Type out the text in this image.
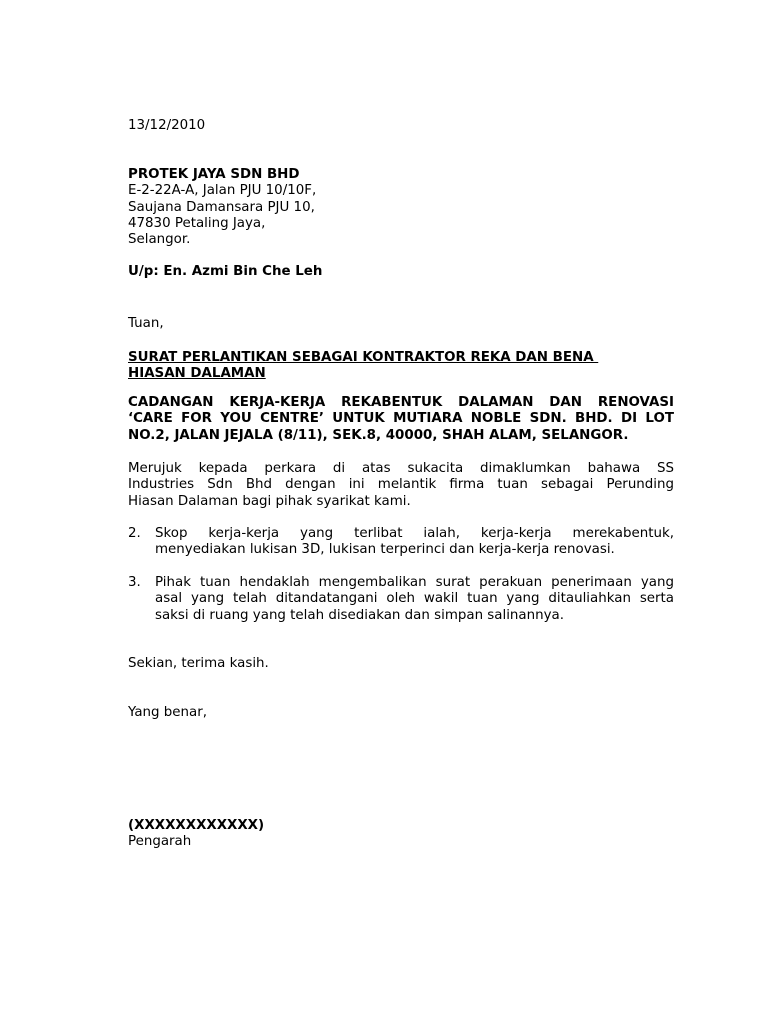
13/12/2010
PROTEK JAYA SDN BHD
E-2-22A-A, Jalan PJU 10/10F,
Saujana Damansara PJU 10,
47830 Petaling Jaya,
Selangor.
U/p: En. Azmi Bin Che Leh
Tuan,
SURAT PERLANTIKAN SEBAGAI KONTRAKTOR REKA DAN BENA
HIASAN DALAMAN
CADANGAN KERJA-KERJA REKABENTUK DALAMAN DAN RENOVASI
‘CARE FOR YOU CENTRE’ UNTUK MUTIARA NOBLE SDN. BHD. DI LOT
NO.2, JALAN JEJALA (8/11), SEK.8, 40000, SHAH ALAM, SELANGOR.
Merujuk kepada perkara di atas sukacita dimaklumkan bahawa SS
Industries Sdn Bhd dengan ini melantik firma tuan sebagai Perunding
Hiasan Dalaman bagi pihak syarikat kami.
2. Skop kerja-kerja yang terlibat ialah, kerja-kerja merekabentuk,
menyediakan lukisan 3D, lukisan terperinci dan kerja-kerja renovasi.
3. Pihak tuan hendaklah mengembalikan surat perakuan penerimaan yang
asal yang telah ditandatangani oleh wakil tuan yang ditauliahkan serta
saksi di ruang yang telah disediakan dan simpan salinannya.
Sekian, terima kasih.
Yang benar,
(XXXXXXXXXXXX)
Pengarah
